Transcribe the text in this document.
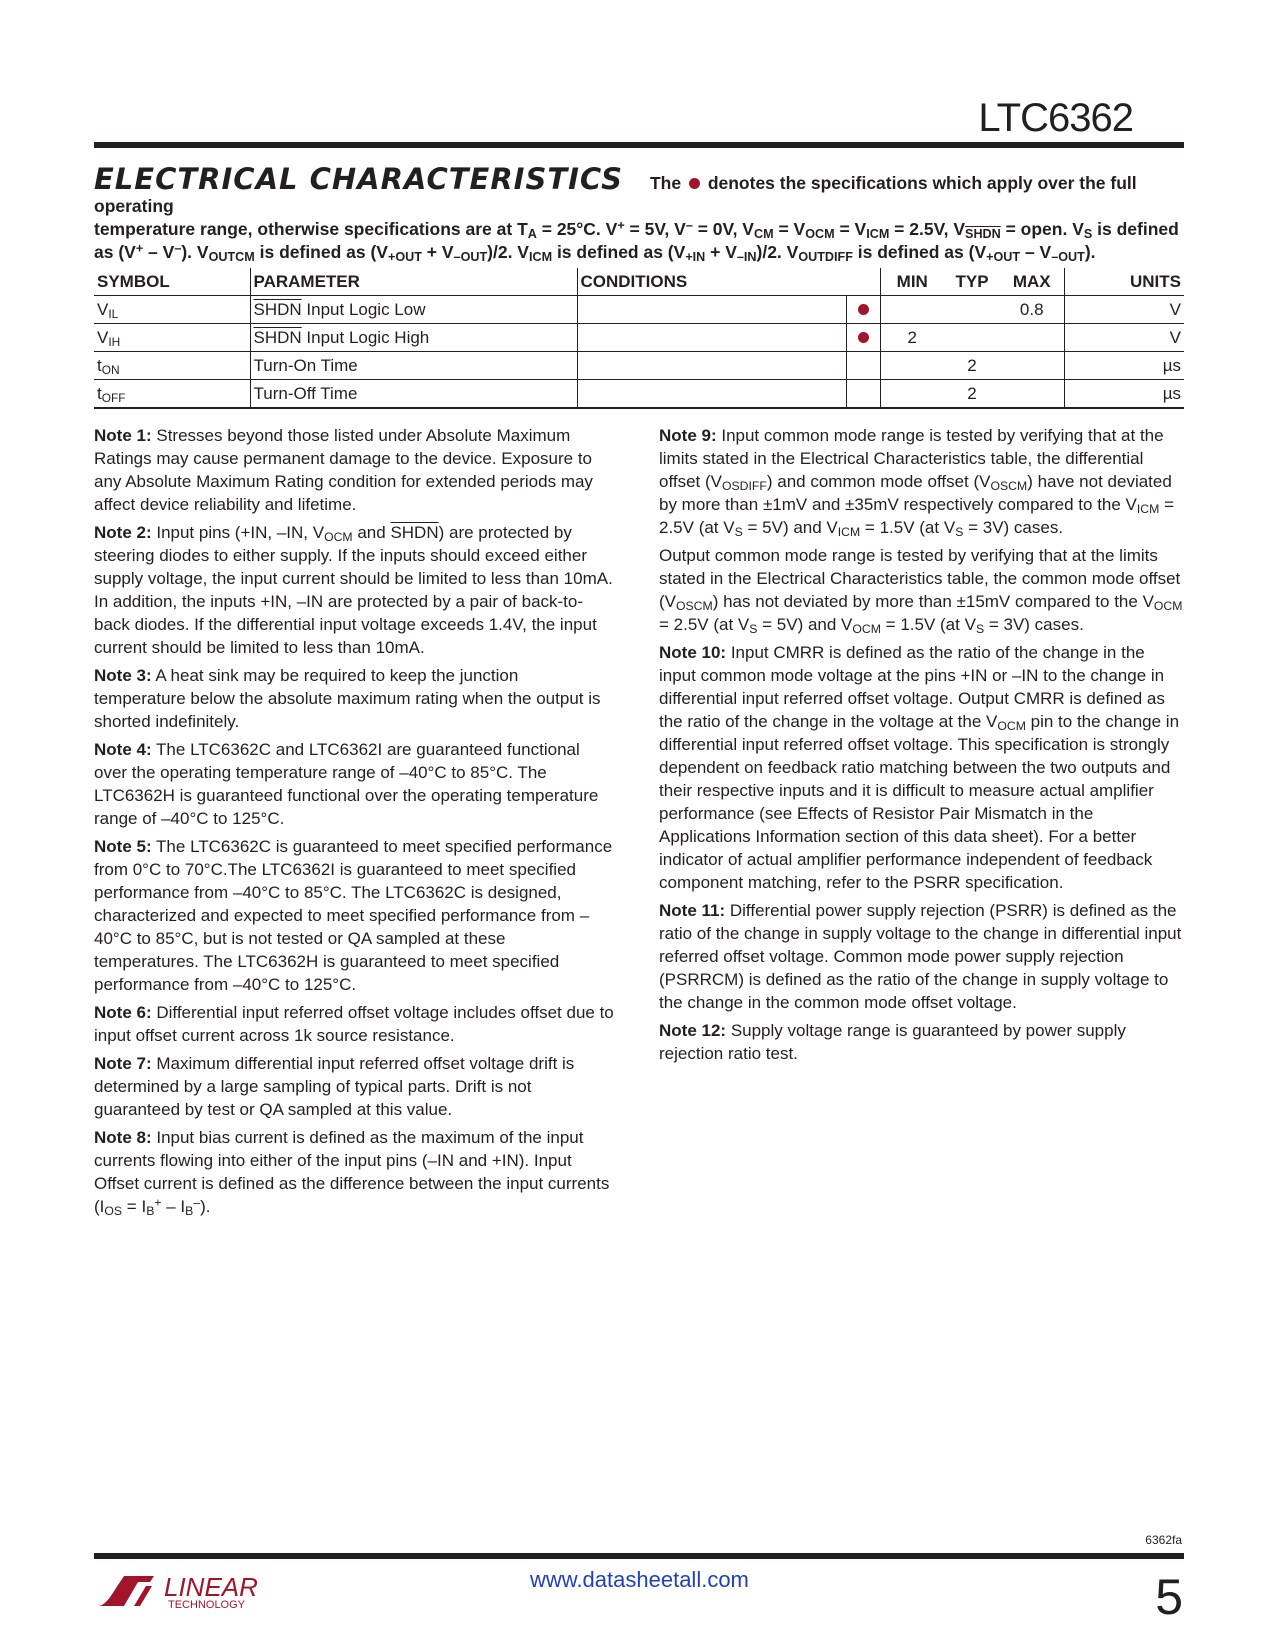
LTC6362
ELECTRICAL CHARACTERISTICS The denotes the specifications which apply over the full operating
temperature range, otherwise specifications are at $T_A = 25^\circ C$. V+ = 5V, V– = 0V, $V_{CM} = V_{OCM} = V_{ICM} = 2.5V$, $V_{SHDN}$ = open. $V_S$ is defined
as (V+ – V–). $V_{OUTCM}$ is defined as $(V_{+OUT} + V_{-OUT})/2$. $V_{ICM}$ is defined as $(V_{+IN} + V_{-IN})/2$. $V_{OUTDIFF}$ is defined as $(V_{+OUT} - V_{-OUT})$.
SYMBOL	PARAMETER	CONDITIONS		MIN	TYP	MAX	UNITS
$V_{IL}$	SHDN Input Logic Low					0.8	V
$V_{IH}$	SHDN Input Logic High			2			V
$t_{ON}$	Turn-On Time				2		µs
$t_{OFF}$	Turn-Off Time				2		µs

Note 1: Stresses beyond those listed under Absolute Maximum Ratings may cause permanent damage to the device. Exposure to any Absolute Maximum Rating condition for extended periods may affect device reliability and lifetime.

Note 2: Input pins (+IN, –IN, $V_{OCM}$ and SHDN) are protected by steering diodes to either supply. If the inputs should exceed either supply voltage, the input current should be limited to less than 10mA. In addition, the inputs +IN, –IN are protected by a pair of back-to-back diodes. If the differential input voltage exceeds 1.4V, the input current should be limited to less than 10mA.

Note 3: A heat sink may be required to keep the junction temperature below the absolute maximum rating when the output is shorted indefinitely.

Note 4: The LTC6362C and LTC6362I are guaranteed functional over the operating temperature range of –40°C to 85°C. The LTC6362H is guaranteed functional over the operating temperature range of –40°C to 125°C.

Note 5: The LTC6362C is guaranteed to meet specified performance from 0°C to 70°C.The LTC6362I is guaranteed to meet specified performance from –40°C to 85°C. The LTC6362C is designed, characterized and expected to meet specified performance from –40°C to 85°C, but is not tested or QA sampled at these temperatures. The LTC6362H is guaranteed to meet specified performance from –40°C to 125°C.

Note 6: Differential input referred offset voltage includes offset due to input offset current across 1k source resistance.

Note 7: Maximum differential input referred offset voltage drift is determined by a large sampling of typical parts. Drift is not guaranteed by test or QA sampled at this value.

Note 8: Input bias current is defined as the maximum of the input currents flowing into either of the input pins (–IN and +IN). Input Offset current is defined as the difference between the input currents $(I_{OS} = I_B^+ - I_B^-)$.

Note 9: Input common mode range is tested by verifying that at the limits stated in the Electrical Characteristics table, the differential offset $(V_{OSDIFF})$ and common mode offset $(V_{OSCM})$ have not deviated by more than ±1mV and ±35mV respectively compared to the $V_{ICM} = 2.5V$ (at $V_S = 5V$) and $V_{ICM} = 1.5V$ (at $V_S = 3V$) cases.

Output common mode range is tested by verifying that at the limits stated in the Electrical Characteristics table, the common mode offset $(V_{OSCM})$ has not deviated by more than ±15mV compared to the $V_{OCM} = 2.5V$ (at $V_S = 5V$) and $V_{OCM} = 1.5V$ (at $V_S = 3V$) cases.

Note 10: Input CMRR is defined as the ratio of the change in the input common mode voltage at the pins +IN or –IN to the change in differential input referred offset voltage. Output CMRR is defined as the ratio of the change in the voltage at the $V_{OCM}$ pin to the change in differential input referred offset voltage. This specification is strongly dependent on feedback ratio matching between the two outputs and their respective inputs and it is difficult to measure actual amplifier performance (see Effects of Resistor Pair Mismatch in the Applications Information section of this data sheet). For a better indicator of actual amplifier performance independent of feedback component matching, refer to the PSRR specification.

Note 11: Differential power supply rejection (PSRR) is defined as the ratio of the change in supply voltage to the change in differential input referred offset voltage. Common mode power supply rejection (PSRRCM) is defined as the ratio of the change in supply voltage to the change in the common mode offset voltage.

Note 12: Supply voltage range is guaranteed by power supply rejection ratio test.

6362fa
LINEAR
TECHNOLOGY
www.datasheetall.com	5
